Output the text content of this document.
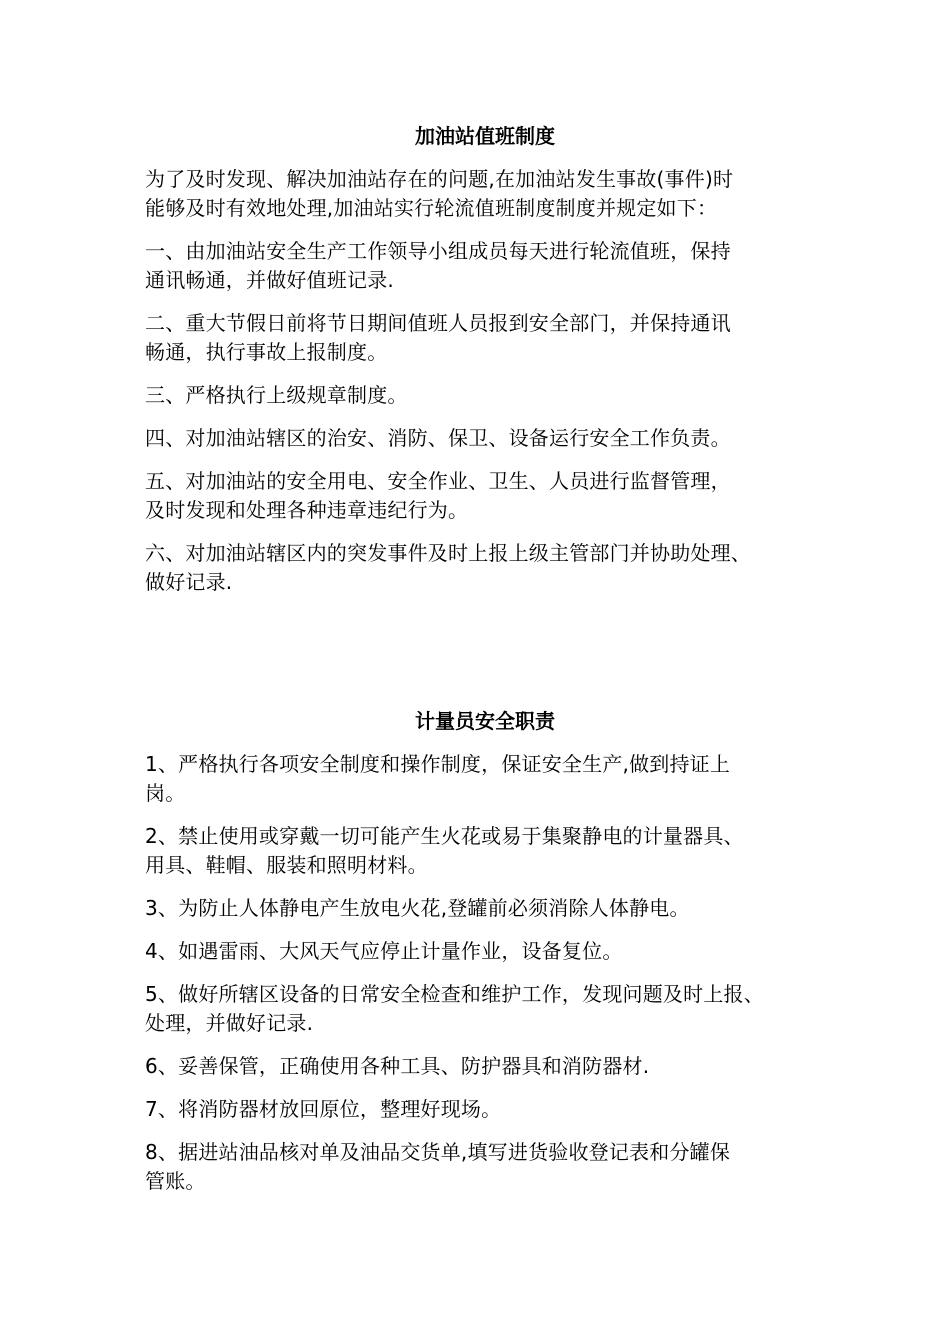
加油站值班制度

为了及时发现、解决加油站存在的问题,在加油站发生事故(事件)时
能够及时有效地处理,加油站实行轮流值班制度制度并规定如下：

一、由加油站安全生产工作领导小组成员每天进行轮流值班，保持
通讯畅通，并做好值班记录.

二、重大节假日前将节日期间值班人员报到安全部门，并保持通讯
畅通，执行事故上报制度。

三、严格执行上级规章制度。

四、对加油站辖区的治安、消防、保卫、设备运行安全工作负责。

五、对加油站的安全用电、安全作业、卫生、人员进行监督管理，
及时发现和处理各种违章违纪行为。

六、对加油站辖区内的突发事件及时上报上级主管部门并协助处理、
做好记录.

计量员安全职责

1、严格执行各项安全制度和操作制度，保证安全生产,做到持证上
岗。

2、禁止使用或穿戴一切可能产生火花或易于集聚静电的计量器具、
用具、鞋帽、服装和照明材料。

3、为防止人体静电产生放电火花,登罐前必须消除人体静电。

4、如遇雷雨、大风天气应停止计量作业，设备复位。

5、做好所辖区设备的日常安全检查和维护工作，发现问题及时上报、
处理，并做好记录.

6、妥善保管，正确使用各种工具、防护器具和消防器材.

7、将消防器材放回原位，整理好现场。

8、据进站油品核对单及油品交货单,填写进货验收登记表和分罐保
管账。
